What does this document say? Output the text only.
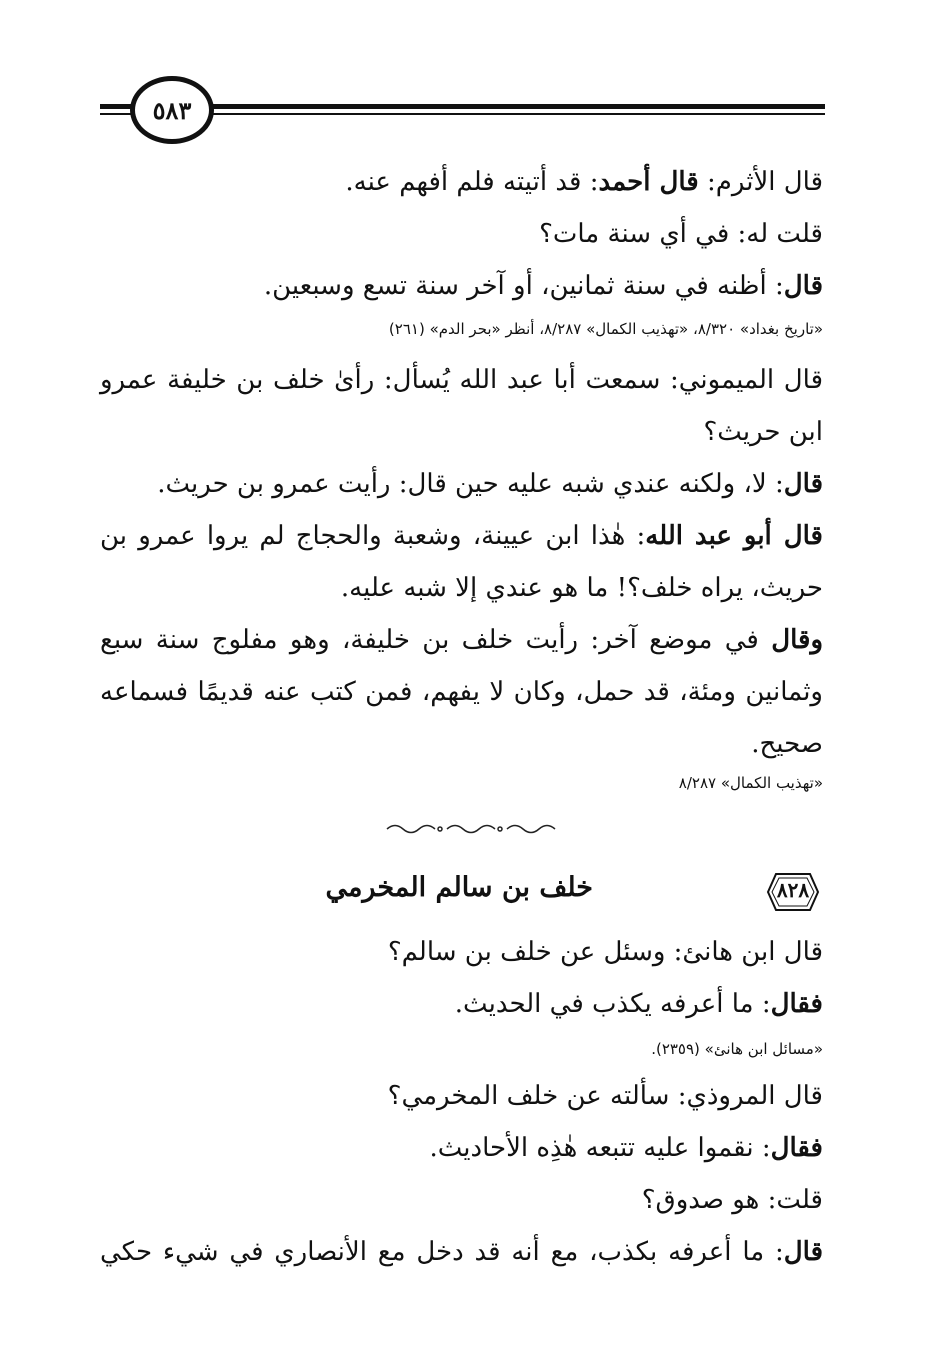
٥٨٣
قال الأثرم: قال أحمد: قد أتيته فلم أفهم عنه.
قلت له: في أي سنة مات؟
قال: أظنه في سنة ثمانين، أو آخر سنة تسع وسبعين.
«تاريخ بغداد» ٨/٣٢٠، «تهذيب الكمال» ٨/٢٨٧، أنظر «بحر الدم» (٢٦١)
قال الميموني: سمعت أبا عبد الله يُسأل: رأىٰ خلف بن خليفة عمرو
ابن حريث؟
قال: لا، ولكنه عندي شبه عليه حين قال: رأيت عمرو بن حريث.
قال أبو عبد الله: هٰذا ابن عيينة، وشعبة والحجاج لم يروا عمرو بن
حريث، يراه خلف؟! ما هو عندي إلا شبه عليه.
وقال في موضع آخر: رأيت خلف بن خليفة، وهو مفلوج سنة سبع
وثمانين ومئة، قد حمل، وكان لا يفهم، فمن كتب عنه قديمًا فسماعه
صحيح.
«تهذيب الكمال» ٨/٢٨٧
٨٢٨
خلف بن سالم المخرمي
قال ابن هانئ: وسئل عن خلف بن سالم؟
فقال: ما أعرفه يكذب في الحديث.
«مسائل ابن هانئ» (٢٣٥٩).
قال المروذي: سألته عن خلف المخرمي؟
فقال: نقموا عليه تتبعه هٰذِه الأحاديث.
قلت: هو صدوق؟
قال: ما أعرفه بكذب، مع أنه قد دخل مع الأنصاري في شيء حكي
